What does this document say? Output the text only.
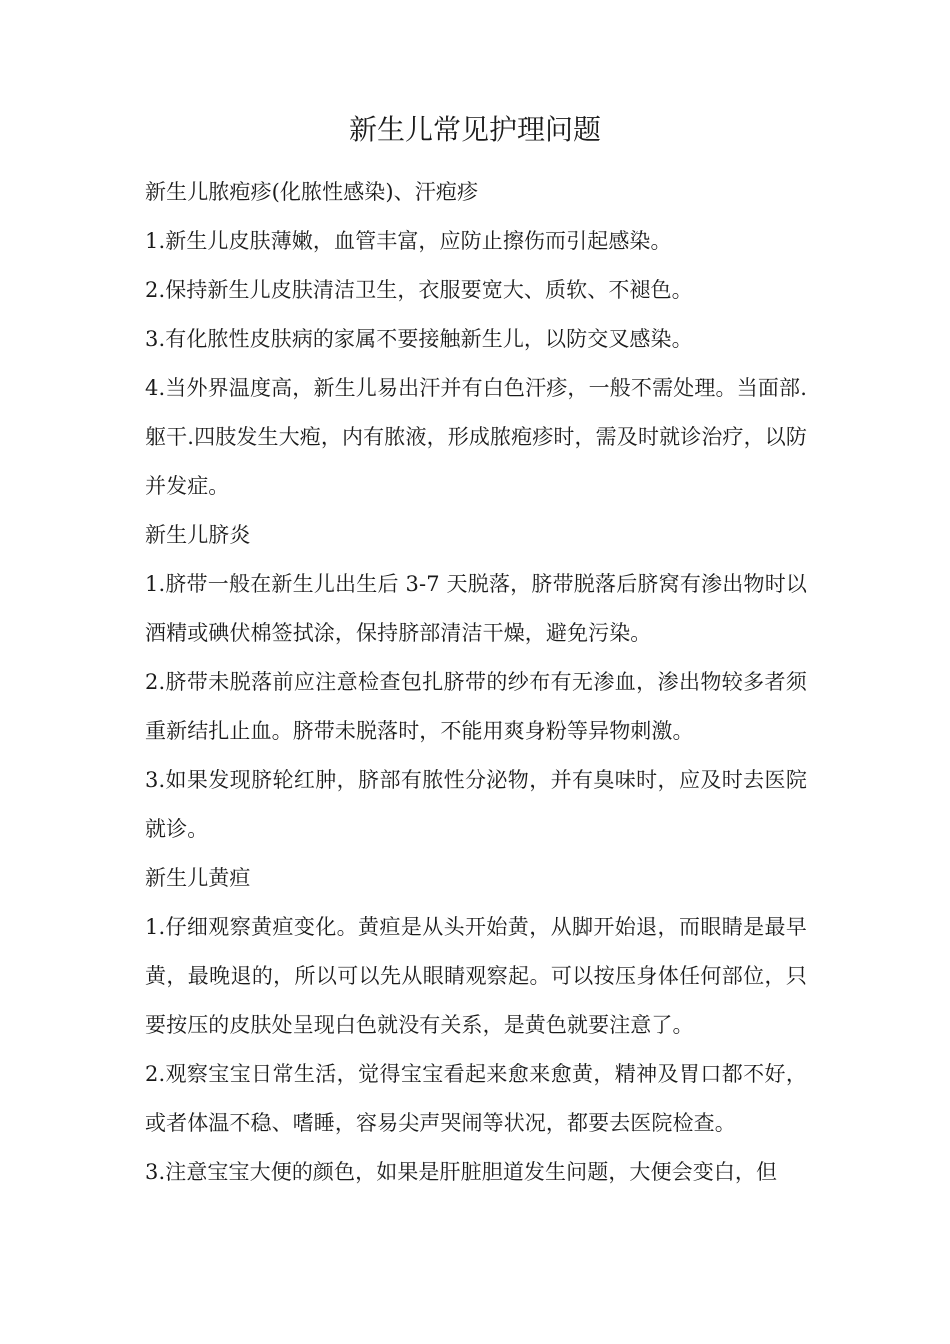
新生儿常见护理问题

新生儿脓疱疹(化脓性感染)、汗疱疹

1.新生儿皮肤薄嫩，血管丰富，应防止擦伤而引起感染。

2.保持新生儿皮肤清洁卫生，衣服要宽大、质软、不褪色。

3.有化脓性皮肤病的家属不要接触新生儿，以防交叉感染。

4.当外界温度高，新生儿易出汗并有白色汗疹，一般不需处理。当面部.躯干.四肢发生大疱，内有脓液，形成脓疱疹时，需及时就诊治疗，以防并发症。

新生儿脐炎

1.脐带一般在新生儿出生后 3-7 天脱落，脐带脱落后脐窝有渗出物时以酒精或碘伏棉签拭涂，保持脐部清洁干燥，避免污染。

2.脐带未脱落前应注意检查包扎脐带的纱布有无渗血，渗出物较多者须重新结扎止血。脐带未脱落时，不能用爽身粉等异物刺激。

3.如果发现脐轮红肿，脐部有脓性分泌物，并有臭味时，应及时去医院就诊。

新生儿黄疸

1.仔细观察黄疸变化。黄疸是从头开始黄，从脚开始退，而眼睛是最早黄，最晚退的，所以可以先从眼睛观察起。可以按压身体任何部位，只要按压的皮肤处呈现白色就没有关系，是黄色就要注意了。

2.观察宝宝日常生活，觉得宝宝看起来愈来愈黄，精神及胃口都不好，或者体温不稳、嗜睡，容易尖声哭闹等状况，都要去医院检查。

3.注意宝宝大便的颜色，如果是肝脏胆道发生问题，大便会变白，但
